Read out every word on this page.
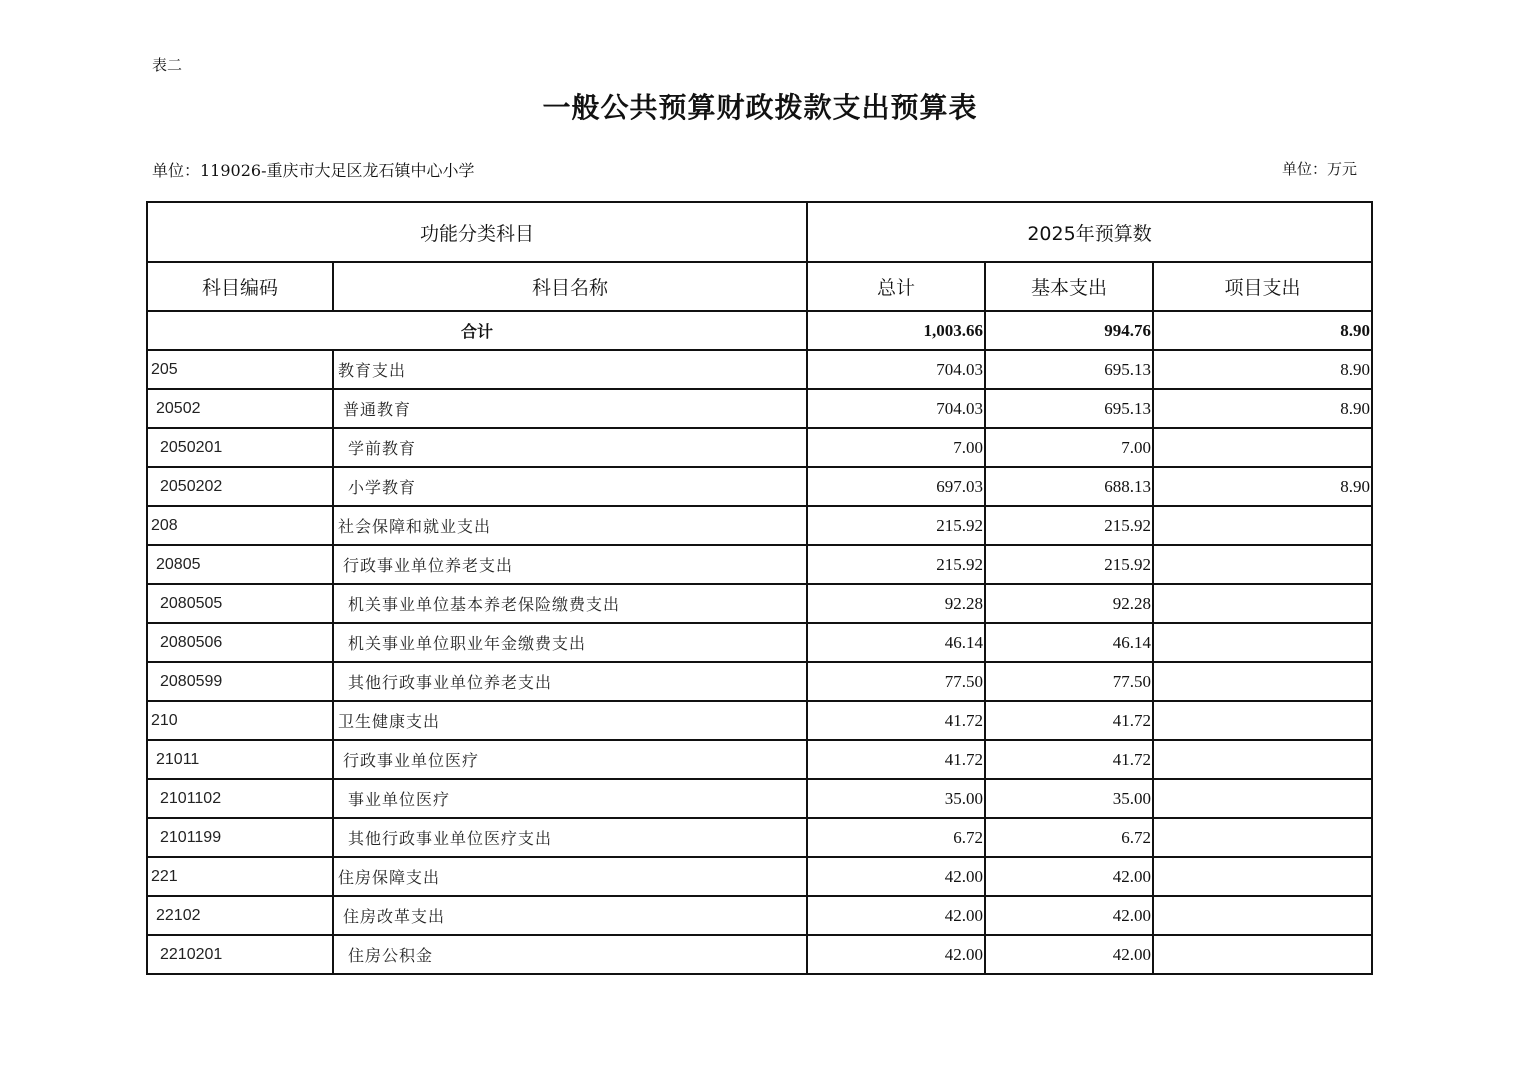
表二
一般公共预算财政拨款支出预算表
单位：119026-重庆市大足区龙石镇中心小学	单位：万元
功能分类科目		2025年预算数		
科目编码	科目名称	总计	基本支出	项目支出
合计		1,003.66	994.76	8.90
205	教育支出	704.03	695.13	8.90
20502	普通教育	704.03	695.13	8.90
2050201	学前教育	7.00	7.00	
2050202	小学教育	697.03	688.13	8.90
208	社会保障和就业支出	215.92	215.92	
20805	行政事业单位养老支出	215.92	215.92	
2080505	机关事业单位基本养老保险缴费支出	92.28	92.28	
2080506	机关事业单位职业年金缴费支出	46.14	46.14	
2080599	其他行政事业单位养老支出	77.50	77.50	
210	卫生健康支出	41.72	41.72	
21011	行政事业单位医疗	41.72	41.72	
2101102	事业单位医疗	35.00	35.00	
2101199	其他行政事业单位医疗支出	6.72	6.72	
221	住房保障支出	42.00	42.00	
22102	住房改革支出	42.00	42.00	
2210201	住房公积金	42.00	42.00	
